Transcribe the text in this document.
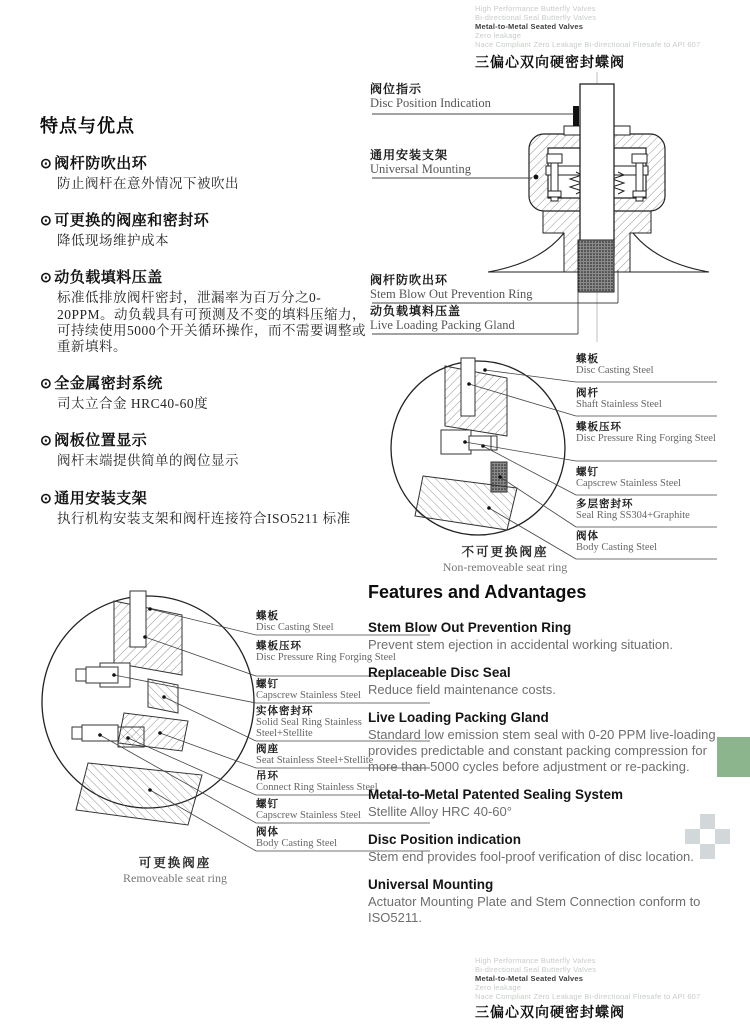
High Performance Butterfly Valves
Bi-directional Seal Butterfly Valves
Metal-to-Metal Seated Valves
Zero leakage
Nace Compliant Zero Leakage Bi-directional Firesafe to API 607
三偏心双向硬密封蝶阀
特点与优点
⊙ 阀杆防吹出环
防止阀杆在意外情况下被吹出
⊙ 可更换的阀座和密封环
降低现场维护成本
⊙ 动负载填料压盖
标准低排放阀杆密封，泄漏率为百万分之0-20PPM。动负载具有可预测及不变的填料压缩力，可持续使用5000个开关循环操作，而不需要调整或重新填料。
⊙ 全金属密封系统
司太立合金 HRC40-60度
⊙ 阀板位置显示
阀杆末端提供简单的阀位显示
⊙ 通用安装支架
执行机构安装支架和阀杆连接符合ISO5211 标准
阀位指示
Disc Position Indication
通用安装支架
Universal Mounting
阀杆防吹出环
Stem Blow Out Prevention Ring
动负载填料压盖
Live Loading Packing Gland
蝶板
Disc Casting Steel
阀杆
Shaft Stainless Steel
蝶板压环
Disc Pressure Ring Forging Steel
螺钉
Capscrew Stainless Steel
多层密封环
Seal Ring SS304+Graphite
阀体
Body Casting Steel
不可更换阀座
Non-removeable seat ring
蝶板
Disc Casting Steel
蝶板压环
Disc Pressure Ring Forging Steel
螺钉
Capscrew Stainless Steel
实体密封环
Solid Seal Ring Stainless Steel+Stellite
阀座
Seat Stainless Steel+Stellite
吊环
Connect Ring Stainless Steel
螺钉
Capscrew Stainless Steel
阀体
Body Casting Steel
可更换阀座
Removeable seat ring
Features and Advantages
Stem Blow Out Prevention Ring
Prevent stem ejection in accidental working situation.
Replaceable Disc Seal
Reduce field maintenance costs.
Live Loading Packing Gland
Standard low emission stem seal with 0-20 PPM live-loading provides predictable and constant packing compression for more than 5000 cycles before adjustment or re-packing.
Metal-to-Metal Patented Sealing System
Stellite Alloy HRC 40-60°
Disc Position indication
Stem end provides fool-proof verification of disc location.
Universal Mounting
Actuator Mounting Plate and Stem Connection conform to ISO5211.
High Performance Butterfly Valves
Bi-directional Seal Butterfly Valves
Metal-to-Metal Seated Valves
Zero leakage
Nace Compliant Zero Leakage Bi-directional Firesafe to API 607
三偏心双向硬密封蝶阀
